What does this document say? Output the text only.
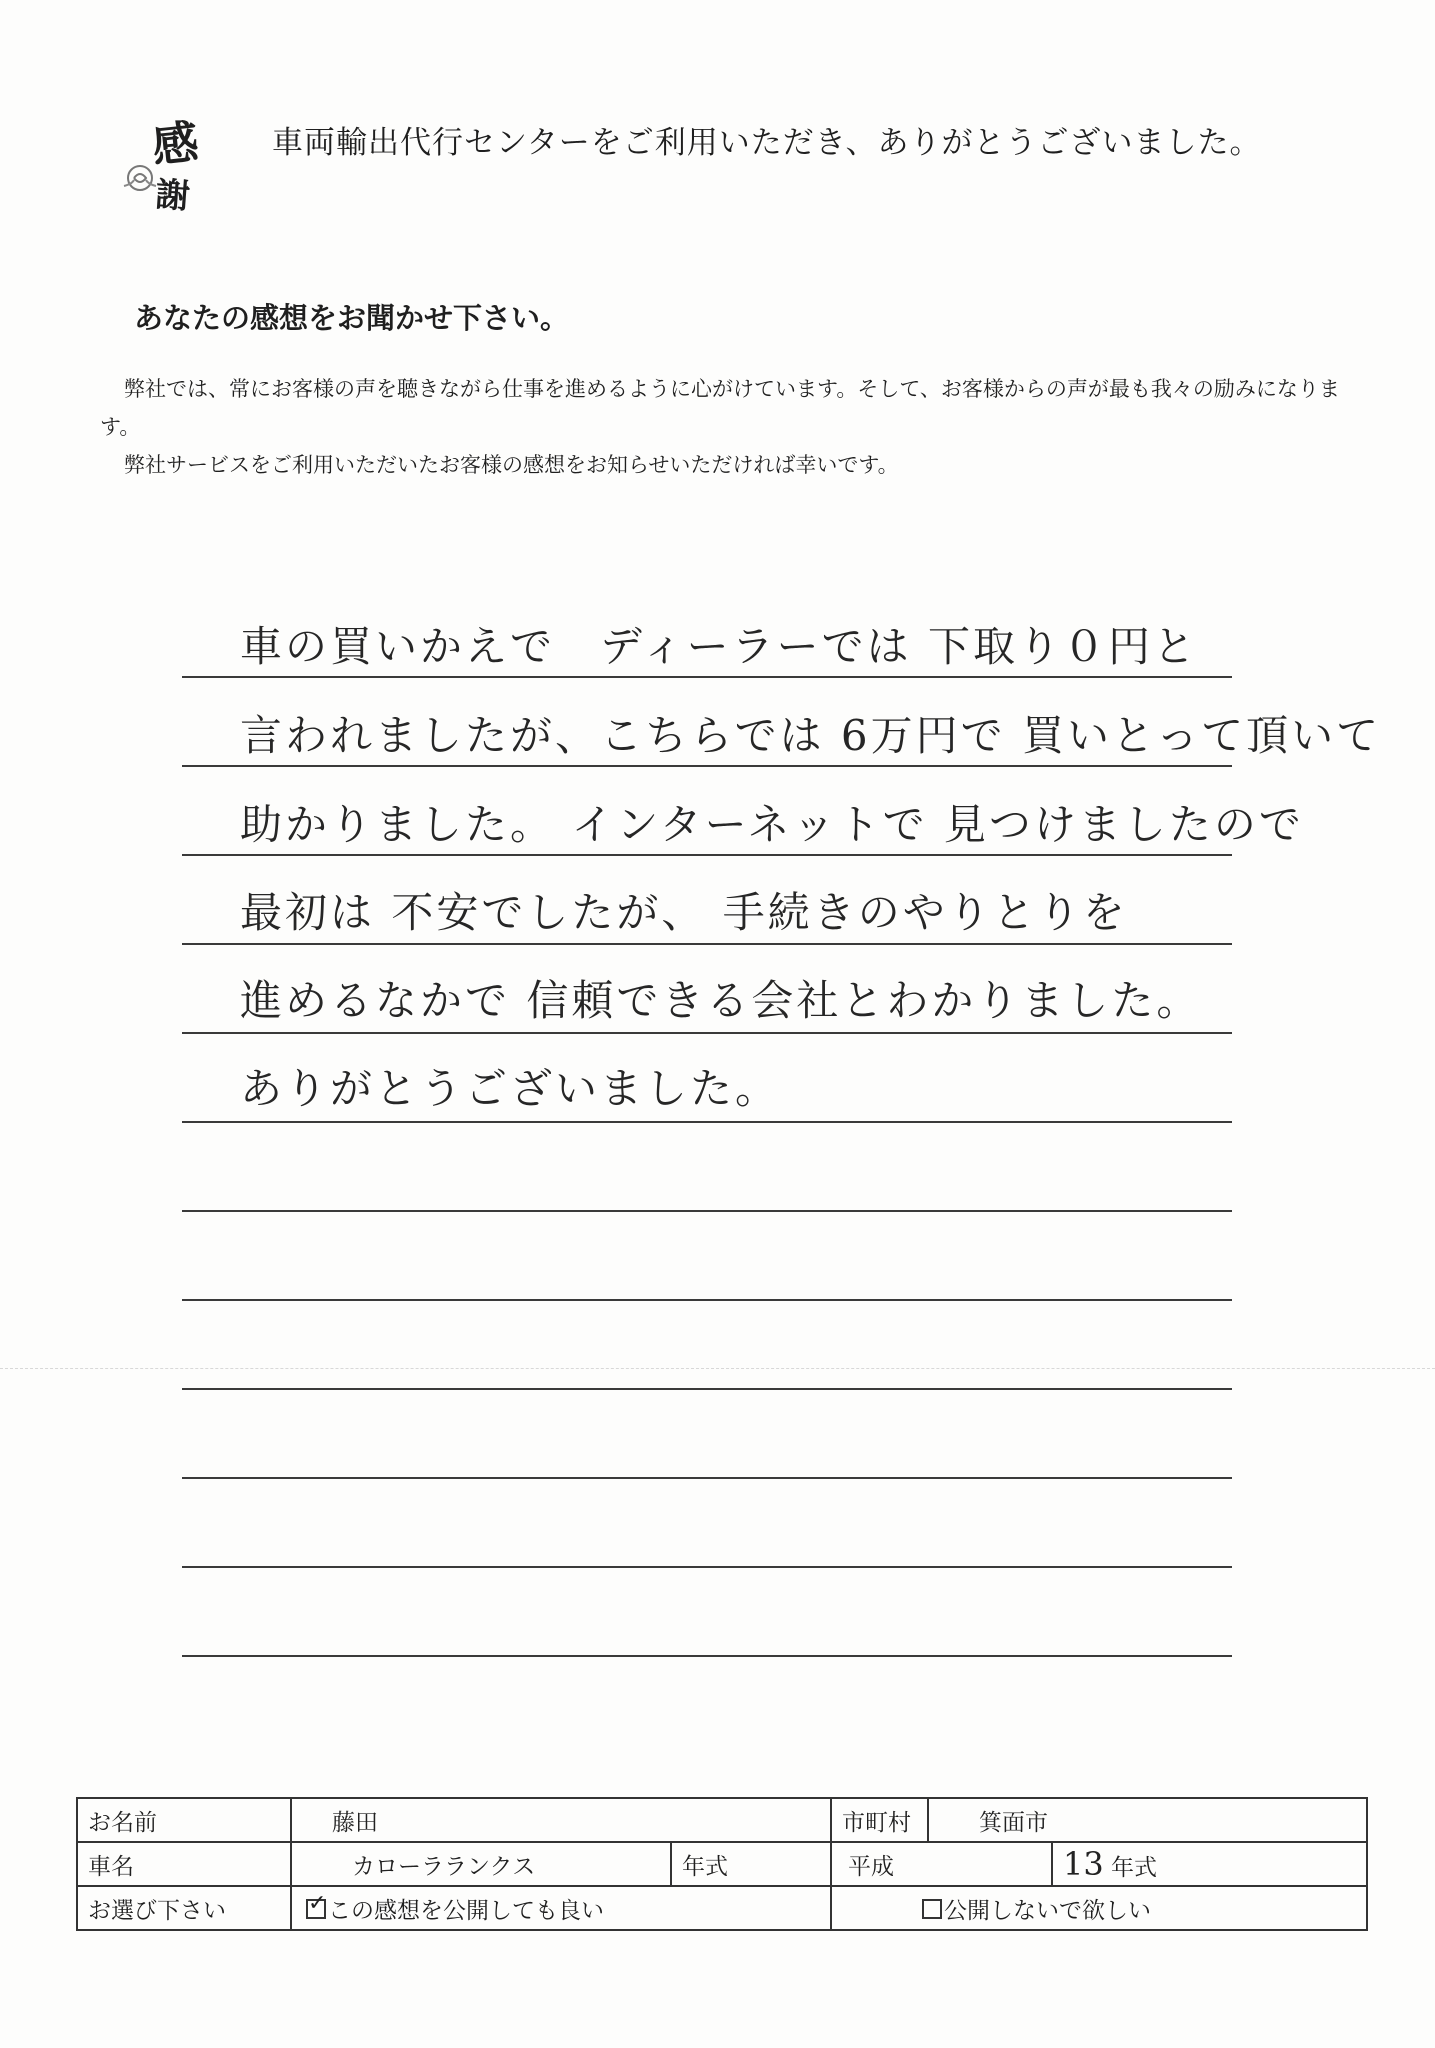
感
謝
車両輸出代行センターをご利用いただき、ありがとうございました。
あなたの感想をお聞かせ下さい。

弊社では、常にお客様の声を聴きながら仕事を進めるように心がけています。そして、お客様からの声が最も我々の励みになります。

弊社サービスをご利用いただいたお客様の感想をお知らせいただければ幸いです。

車の買いかえで　ディーラーでは 下取り０円と
言われましたが、こちらでは 6万円で 買いとって頂いて
助かりました。 インターネットで 見つけましたので
最初は 不安でしたが、 手続きのやりとりを
進めるなかで 信頼できる会社とわかりました。
ありがとうございました。
お名前	藤田		市町村	箕面市	
車名	カローラランクス	年式	平成		13 年式
お選び下さい	✓この感想を公開しても良い		公開しないで欲しい		
